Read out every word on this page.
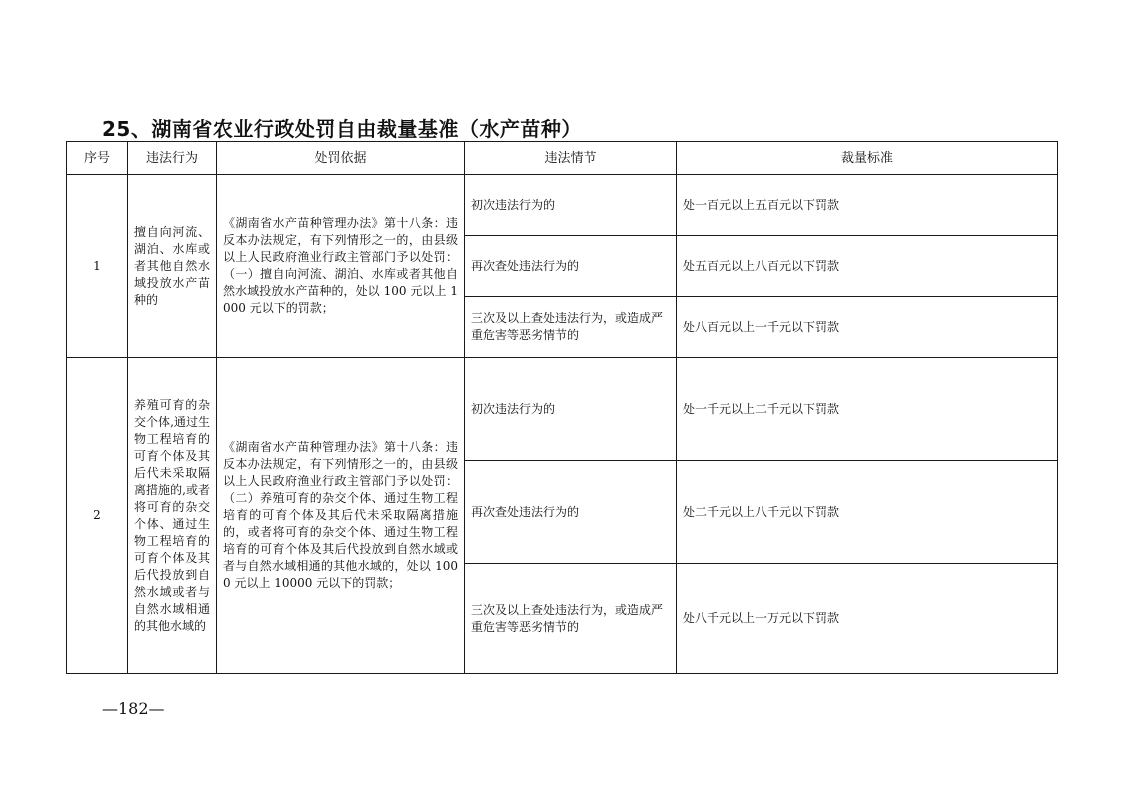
25、湖南省农业行政处罚自由裁量基准（水产苗种）
序号	违法行为	处罚依据	违法情节	裁量标准
1	擅自向河流、湖泊、水库或者其他自然水域投放水产苗种的	《湖南省水产苗种管理办法》第十八条：违反本办法规定，有下列情形之一的，由县级以上人民政府渔业行政主管部门予以处罚：（一）擅自向河流、湖泊、水库或者其他自然水域投放水产苗种的，处以 100 元以上 1000 元以下的罚款；	初次违法行为的	处一百元以上五百元以下罚款
			再次查处违法行为的	处五百元以上八百元以下罚款
			三次及以上查处违法行为，或造成严重危害等恶劣情节的	处八百元以上一千元以下罚款
2	养殖可育的杂交个体,通过生物工程培育的可育个体及其后代未采取隔离措施的,或者将可育的杂交个体、通过生物工程培育的可育个体及其后代投放到自然水域或者与自然水域相通的其他水域的	《湖南省水产苗种管理办法》第十八条：违反本办法规定，有下列情形之一的，由县级以上人民政府渔业行政主管部门予以处罚：（二）养殖可育的杂交个体、通过生物工程培育的可育个体及其后代未采取隔离措施的，或者将可育的杂交个体、通过生物工程培育的可育个体及其后代投放到自然水域或者与自然水域相通的其他水域的，处以 1000 元以上 10000 元以下的罚款；	初次违法行为的	处一千元以上二千元以下罚款
			再次查处违法行为的	处二千元以上八千元以下罚款
			三次及以上查处违法行为，或造成严重危害等恶劣情节的	处八千元以上一万元以下罚款
—182—
